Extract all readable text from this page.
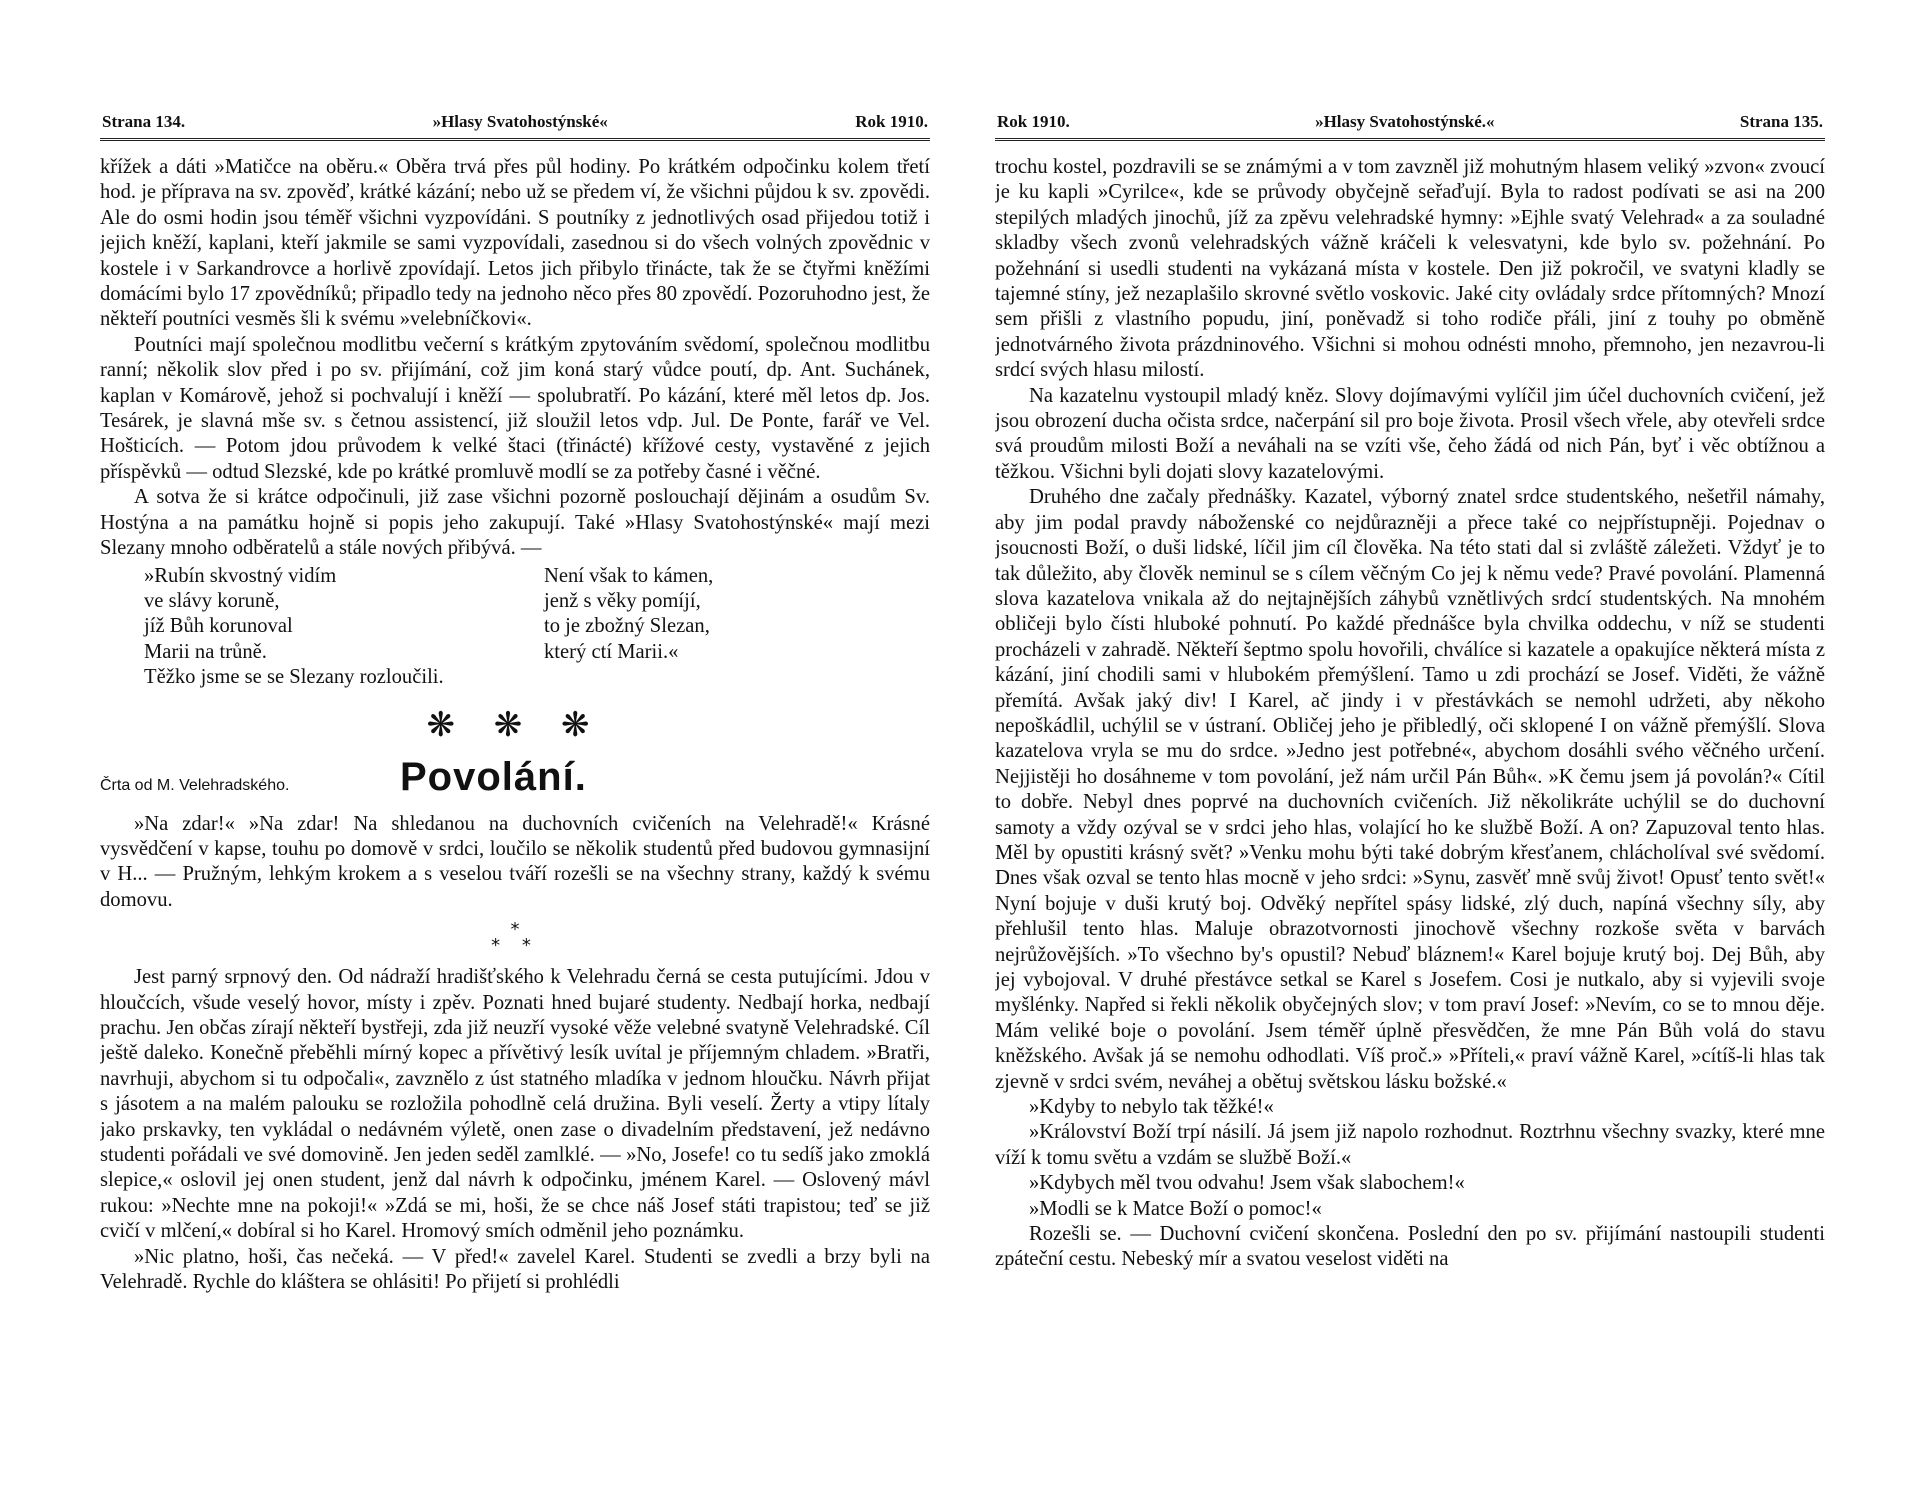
Strana 134.	»Hlasy Svatohostýnské«	Rok 1910.

křížek a dáti »Matičce na oběru.« Oběra trvá přes půl hodiny. Po krátkém odpočinku kolem třetí hod. je příprava na sv. zpověď, krátké kázání; nebo už se předem ví, že všichni půjdou k sv. zpovědi. Ale do osmi hodin jsou téměř všichni vyzpovídáni. S poutníky z jednotlivých osad přijedou totiž i jejich kněží, kaplani, kteří jakmile se sami vyzpovídali, zasednou si do všech volných zpovědnic v kostele i v Sarkandrovce a horlivě zpovídají. Letos jich přibylo třinácte, tak že se čtyřmi kněžími domácími bylo 17 zpovědníků; připadlo tedy na jednoho něco přes 80 zpovědí. Pozoruhodno jest, že někteří poutníci vesměs šli k svému »velebníčkovi«.

Poutníci mají společnou modlitbu večerní s krátkým zpytováním svědomí, společnou modlitbu ranní; několik slov před i po sv. přijímání, což jim koná starý vůdce poutí, dp. Ant. Suchánek, kaplan v Komárově, jehož si pochvalují i kněží — spolubratří. Po kázání, které měl letos dp. Jos. Tesárek, je slavná mše sv. s četnou assistencí, již sloužil letos vdp. Jul. De Ponte, farář ve Vel. Hošticích. — Potom jdou průvodem k velké štaci (třinácté) křížové cesty, vystavěné z jejich příspěvků — odtud Slezské, kde po krátké promluvě modlí se za potřeby časné i věčné.

A sotva že si krátce odpočinuli, již zase všichni pozorně poslouchají dějinám a osudům Sv. Hostýna a na památku hojně si popis jeho zakupují. Také »Hlasy Svatohostýnské« mají mezi Slezany mnoho odběratelů a stále nových přibývá. —

»Rubín skvostný vidím
ve slávy koruně,
jíž Bůh korunoval
Marii na trůně.
Není však to kámen,
jenž s věky pomíjí,
to je zbožný Slezan,
který ctí Marii.«
Těžko jsme se se Slezany rozloučili.
❋ ❋ ❋
Črta od M. Velehradského.	Povolání.

»Na zdar!« »Na zdar! Na shledanou na duchovních cvičeních na Velehradě!« Krásné vysvědčení v kapse, touhu po domově v srdci, loučilo se několik studentů před budovou gymnasijní v H... — Pružným, lehkým krokem a s veselou tváří rozešli se na všechny strany, každý k svému domovu.

*
* *

Jest parný srpnový den. Od nádraží hradišťského k Velehradu černá se cesta putujícími. Jdou v hloučcích, všude veselý hovor, místy i zpěv. Poznati hned bujaré studenty. Nedbají horka, nedbají prachu. Jen občas zírají někteří bystřeji, zda již neuzří vysoké věže velebné svatyně Velehradské. Cíl ještě daleko. Konečně přeběhli mírný kopec a přívětivý lesík uvítal je příjemným chladem. »Bratři, navrhuji, abychom si tu odpočali«, zavznělo z úst statného mladíka v jednom hloučku. Návrh přijat s jásotem a na malém palouku se rozložila pohodlně celá družina. Byli veselí. Žerty a vtipy lítaly jako prskavky, ten vykládal o nedávném výletě, onen zase o divadelním představení, jež nedávno studenti pořádali ve své domovině. Jen jeden seděl zamlklé. — »No, Josefe! co tu sedíš jako zmoklá slepice,« oslovil jej onen student, jenž dal návrh k odpočinku, jménem Karel. — Oslovený mávl rukou: »Nechte mne na pokoji!« »Zdá se mi, hoši, že se chce náš Josef státi trapistou; teď se již cvičí v mlčení,« dobíral si ho Karel. Hromový smích odměnil jeho poznámku.

»Nic platno, hoši, čas nečeká. — V před!« zavelel Karel. Studenti se zvedli a brzy byli na Velehradě. Rychle do kláštera se ohlásiti! Po přijetí si prohlédli

Rok 1910.	»Hlasy Svatohostýnské.«	Strana 135.

trochu kostel, pozdravili se se známými a v tom zavzněl již mohutným hlasem veliký »zvon« zvoucí je ku kapli »Cyrilce«, kde se průvody obyčejně seřaďují. Byla to radost podívati se asi na 200 stepilých mladých jinochů, jíž za zpěvu velehradské hymny: »Ejhle svatý Velehrad« a za souladné skladby všech zvonů velehradských vážně kráčeli k velesvatyni, kde bylo sv. požehnání. Po požehnání si usedli studenti na vykázaná místa v kostele. Den již pokročil, ve svatyni kladly se tajemné stíny, jež nezaplašilo skrovné světlo voskovic. Jaké city ovládaly srdce přítomných? Mnozí sem přišli z vlastního popudu, jiní, poněvadž si toho rodiče přáli, jiní z touhy po obměně jednotvárného života prázdninového. Všichni si mohou odnésti mnoho, přemnoho, jen nezavrou-li srdcí svých hlasu milostí.

Na kazatelnu vystoupil mladý kněz. Slovy dojímavými vylíčil jim účel duchovních cvičení, jež jsou obrození ducha očista srdce, načerpání sil pro boje života. Prosil všech vřele, aby otevřeli srdce svá proudům milosti Boží a neváhali na se vzíti vše, čeho žádá od nich Pán, byť i věc obtížnou a těžkou. Všichni byli dojati slovy kazatelovými.

Druhého dne začaly přednášky. Kazatel, výborný znatel srdce studentského, nešetřil námahy, aby jim podal pravdy náboženské co nejdůrazněji a přece také co nejpřístupněji. Pojednav o jsoucnosti Boží, o duši lidské, líčil jim cíl člověka. Na této stati dal si zvláště záležeti. Vždyť je to tak důležito, aby člověk neminul se s cílem věčným Co jej k němu vede? Pravé povolání. Plamenná slova kazatelova vnikala až do nejtajnějších záhybů vznětlivých srdcí studentských. Na mnohém obličeji bylo čísti hluboké pohnutí. Po každé přednášce byla chvilka oddechu, v níž se studenti procházeli v zahradě. Někteří šeptmo spolu hovořili, chválíce si kazatele a opakujíce některá místa z kázání, jiní chodili sami v hlubokém přemýšlení. Tamo u zdi prochází se Josef. Viděti, že vážně přemítá. Avšak jaký div! I Karel, ač jindy i v přestávkách se nemohl udržeti, aby někoho nepoškádlil, uchýlil se v ústraní. Obličej jeho je přibledlý, oči sklopené I on vážně přemýšlí. Slova kazatelova vryla se mu do srdce. »Jedno jest potřebné«, abychom dosáhli svého věčného určení. Nejjistěji ho dosáhneme v tom povolání, jež nám určil Pán Bůh«. »K čemu jsem já povolán?« Cítil to dobře. Nebyl dnes poprvé na duchovních cvičeních. Již několikráte uchýlil se do duchovní samoty a vždy ozýval se v srdci jeho hlas, volající ho ke službě Boží. A on? Zapuzoval tento hlas. Měl by opustiti krásný svět? »Venku mohu býti také dobrým křesťanem, chlácholíval své svědomí. Dnes však ozval se tento hlas mocně v jeho srdci: »Synu, zasvěť mně svůj život! Opusť tento svět!« Nyní bojuje v duši krutý boj. Odvěký nepřítel spásy lidské, zlý duch, napíná všechny síly, aby přehlušil tento hlas. Maluje obrazotvornosti jinochově všechny rozkoše světa v barvách nejrůžovějších. »To všechno by's opustil? Nebuď bláznem!« Karel bojuje krutý boj. Dej Bůh, aby jej vybojoval. V druhé přestávce setkal se Karel s Josefem. Cosi je nutkalo, aby si vyjevili svoje myšlénky. Napřed si řekli několik obyčejných slov; v tom praví Josef: »Nevím, co se to mnou děje. Mám veliké boje o povolání. Jsem téměř úplně přesvědčen, že mne Pán Bůh volá do stavu kněžského. Avšak já se nemohu odhodlati. Víš proč.» »Příteli,« praví vážně Karel, »cítíš-li hlas tak zjevně v srdci svém, neváhej a obětuj světskou lásku božské.«

»Kdyby to nebylo tak těžké!«

»Království Boží trpí násilí. Já jsem již napolo rozhodnut. Roztrhnu všechny svazky, které mne víží k tomu světu a vzdám se službě Boží.«

»Kdybych měl tvou odvahu! Jsem však slabochem!«

»Modli se k Matce Boží o pomoc!«

Rozešli se. — Duchovní cvičení skončena. Poslední den po sv. přijímání nastoupili studenti zpáteční cestu. Nebeský mír a svatou veselost viděti na
